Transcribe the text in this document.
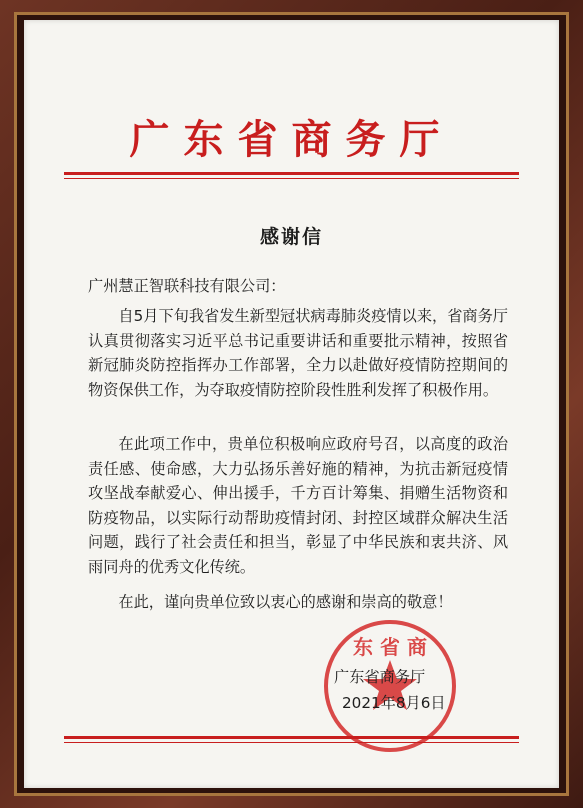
广东省商务厅
感谢信
广州慧正智联科技有限公司：
自5月下旬我省发生新型冠状病毒肺炎疫情以来，省商务厅认真贯彻落实习近平总书记重要讲话和重要批示精神，按照省新冠肺炎防控指挥办工作部署，全力以赴做好疫情防控期间的物资保供工作，为夺取疫情防控阶段性胜利发挥了积极作用。
在此项工作中，贵单位积极响应政府号召，以高度的政治责任感、使命感，大力弘扬乐善好施的精神，为抗击新冠疫情攻坚战奉献爱心、伸出援手，千方百计筹集、捐赠生活物资和防疫物品，以实际行动帮助疫情封闭、封控区域群众解决生活问题，践行了社会责任和担当，彰显了中华民族和衷共济、风雨同舟的优秀文化传统。
在此，谨向贵单位致以衷心的感谢和崇高的敬意！
东 省 商
广东省商务厅
2021年8月6日
